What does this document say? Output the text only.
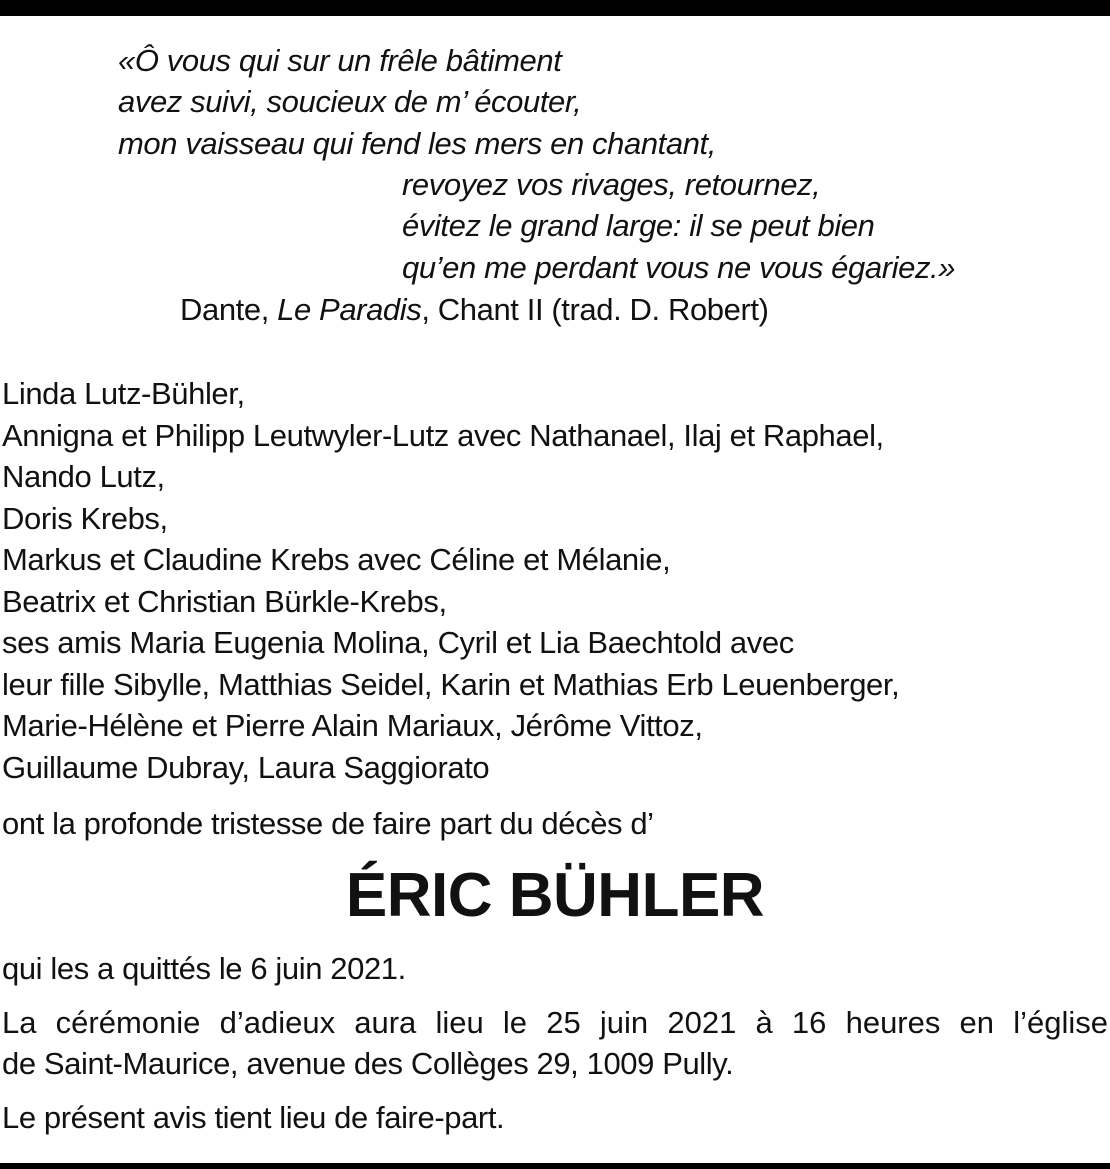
«Ô vous qui sur un frêle bâtiment
avez suivi, soucieux de m’ écouter,
mon vaisseau qui fend les mers en chantant,
revoyez vos rivages, retournez,
évitez le grand large: il se peut bien
qu’en me perdant vous ne vous égariez.»
Dante, Le Paradis, Chant II (trad. D. Robert)
Linda Lutz-Bühler,
Annigna et Philipp Leutwyler-Lutz avec Nathanael, Ilaj et Raphael,
Nando Lutz,
Doris Krebs,
Markus et Claudine Krebs avec Céline et Mélanie,
Beatrix et Christian Bürkle-Krebs,
ses amis Maria Eugenia Molina, Cyril et Lia Baechtold avec
leur fille Sibylle, Matthias Seidel, Karin et Mathias Erb Leuenberger,
Marie-Hélène et Pierre Alain Mariaux, Jérôme Vittoz,
Guillaume Dubray, Laura Saggiorato
ont la profonde tristesse de faire part du décès d’
ÉRIC BÜHLER
qui les a quittés le 6 juin 2021.
La cérémonie d’adieux aura lieu le 25 juin 2021 à 16 heures en l’église
de Saint-Maurice, avenue des Collèges 29, 1009 Pully.
Le présent avis tient lieu de faire-part.
